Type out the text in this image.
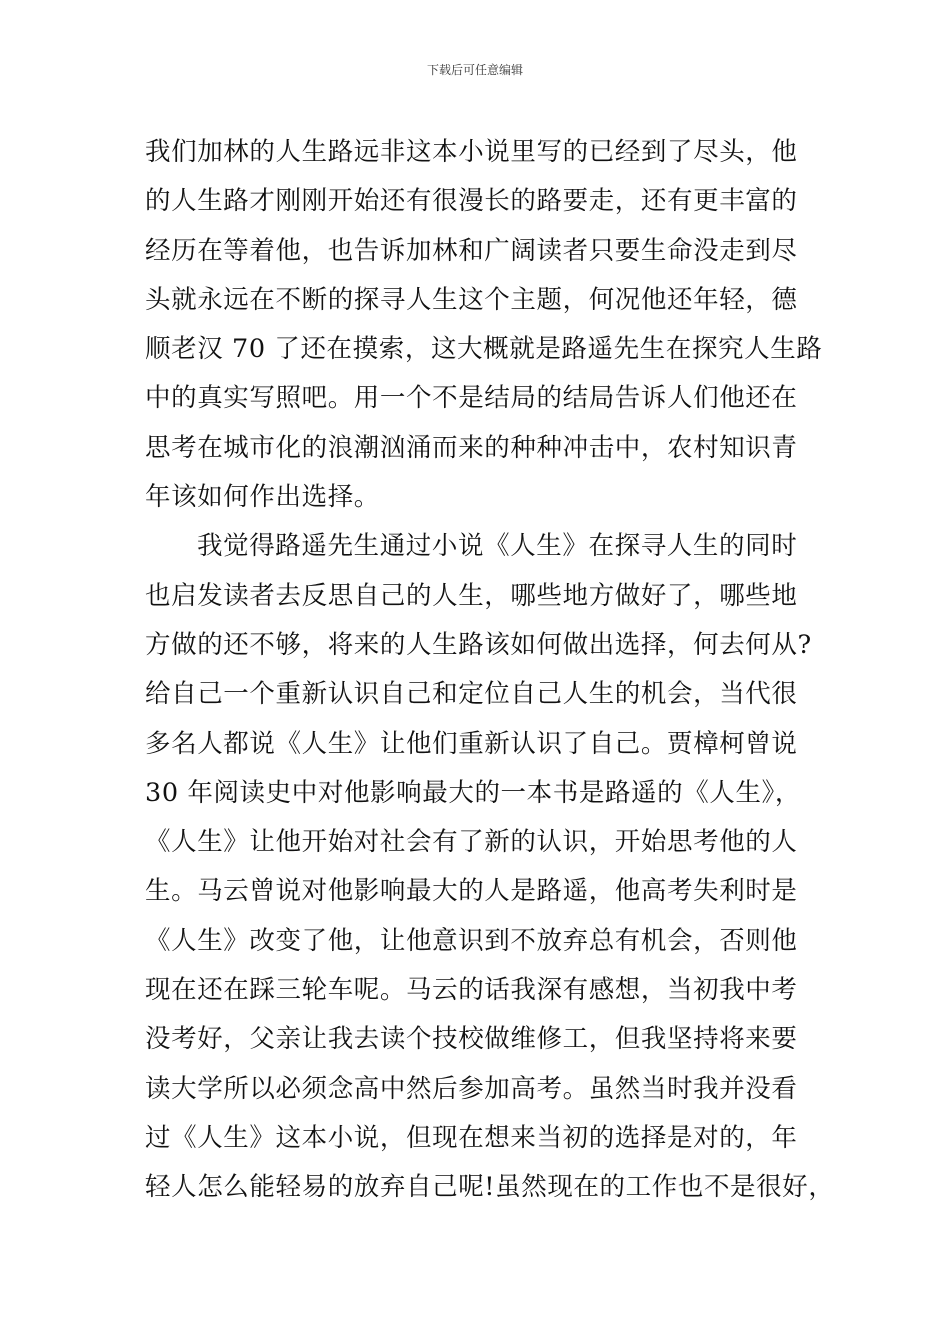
下载后可任意编辑
我们加林的人生路远非这本小说里写的已经到了尽头，他
的人生路才刚刚开始还有很漫长的路要走，还有更丰富的
经历在等着他，也告诉加林和广阔读者只要生命没走到尽
头就永远在不断的探寻人生这个主题，何况他还年轻，德
顺老汉 70 了还在摸索，这大概就是路遥先生在探究人生路
中的真实写照吧。用一个不是结局的结局告诉人们他还在
思考在城市化的浪潮汹涌而来的种种冲击中，农村知识青
年该如何作出选择。
我觉得路遥先生通过小说《人生》在探寻人生的同时
也启发读者去反思自己的人生，哪些地方做好了，哪些地
方做的还不够，将来的人生路该如何做出选择，何去何从?
给自己一个重新认识自己和定位自己人生的机会，当代很
多名人都说《人生》让他们重新认识了自己。贾樟柯曾说
30 年阅读史中对他影响最大的一本书是路遥的《人生》，
《人生》让他开始对社会有了新的认识，开始思考他的人
生。马云曾说对他影响最大的人是路遥，他高考失利时是
《人生》改变了他，让他意识到不放弃总有机会，否则他
现在还在踩三轮车呢。马云的话我深有感想，当初我中考
没考好，父亲让我去读个技校做维修工，但我坚持将来要
读大学所以必须念高中然后参加高考。虽然当时我并没看
过《人生》这本小说，但现在想来当初的选择是对的，年
轻人怎么能轻易的放弃自己呢!虽然现在的工作也不是很好，
